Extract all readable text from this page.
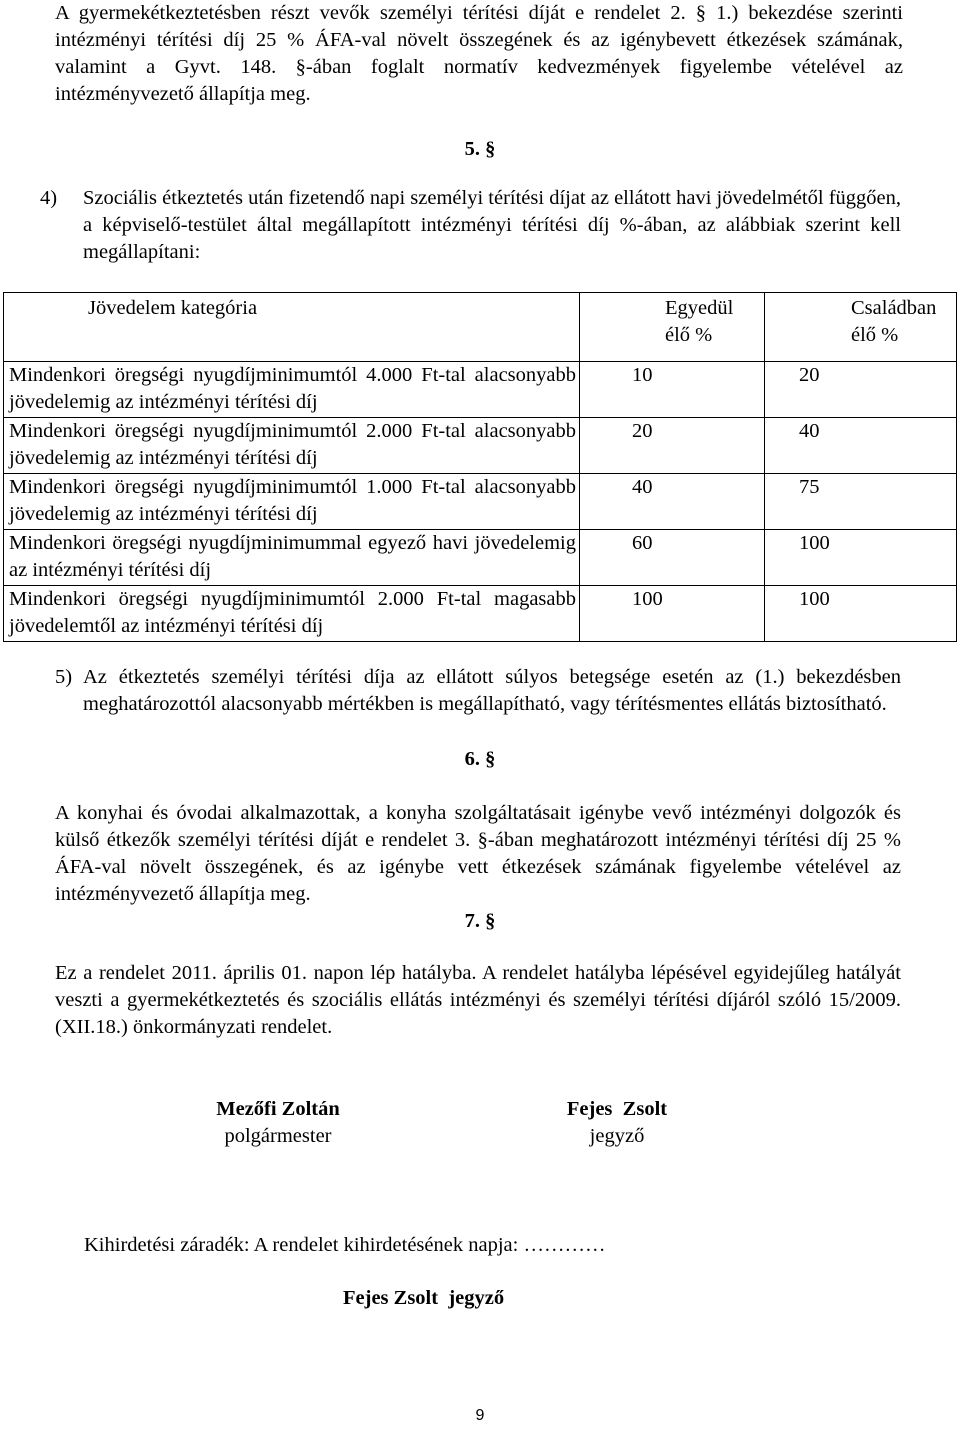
A gyermekétkeztetésben részt vevők személyi térítési díját e rendelet 2. § 1.) bekezdése szerinti intézményi térítési díj 25 % ÁFA-val növelt összegének és az igénybevett étkezések számának, valamint a Gyvt. 148. §-ában foglalt normatív kedvezmények figyelembe vételével az intézményvezető állapítja meg.
5. §
4) Szociális étkeztetés után fizetendő napi személyi térítési díjat az ellátott havi jövedelmétől függően, a képviselő-testület által megállapított intézményi térítési díj %-ában, az alábbiak szerint kell megállapítani:
Jövedelem kategória	Egyedül élő %	Családban élő %

Mindenkori öregségi nyugdíjminimumtól 4.000 Ft-tal alacsonyabb jövedelemig az intézményi térítési díj	10	20
Mindenkori öregségi nyugdíjminimumtól 2.000 Ft-tal alacsonyabb jövedelemig az intézményi térítési díj	20	40
Mindenkori öregségi nyugdíjminimumtól 1.000 Ft-tal alacsonyabb jövedelemig az intézményi térítési díj	40	75
Mindenkori öregségi nyugdíjminimummal egyező havi jövedelemig az intézményi térítési díj	60	100
Mindenkori öregségi nyugdíjminimumtól 2.000 Ft-tal magasabb jövedelemtől az intézményi térítési díj	100	100
5) Az étkeztetés személyi térítési díja az ellátott súlyos betegsége esetén az (1.) bekezdésben meghatározottól alacsonyabb mértékben is megállapítható, vagy térítésmentes ellátás biztosítható.
6. §
A konyhai és óvodai alkalmazottak, a konyha szolgáltatásait igénybe vevő intézményi dolgozók és külső étkezők személyi térítési díját e rendelet 3. §-ában meghatározott intézményi térítési díj 25 % ÁFA-val növelt összegének, és az igénybe vett étkezések számának figyelembe vételével az intézményvezető állapítja meg.
7. §
Ez a rendelet 2011. április 01. napon lép hatályba. A rendelet hatályba lépésével egyidejűleg hatályát veszti a gyermekétkeztetés és szociális ellátás intézményi és személyi térítési díjáról szóló 15/2009. (XII.18.) önkormányzati rendelet.
Mezőfi Zoltán
polgármester
Fejes  Zsolt
jegyző
Kihirdetési záradék: A rendelet kihirdetésének napja: …………
Fejes Zsolt  jegyző
9
